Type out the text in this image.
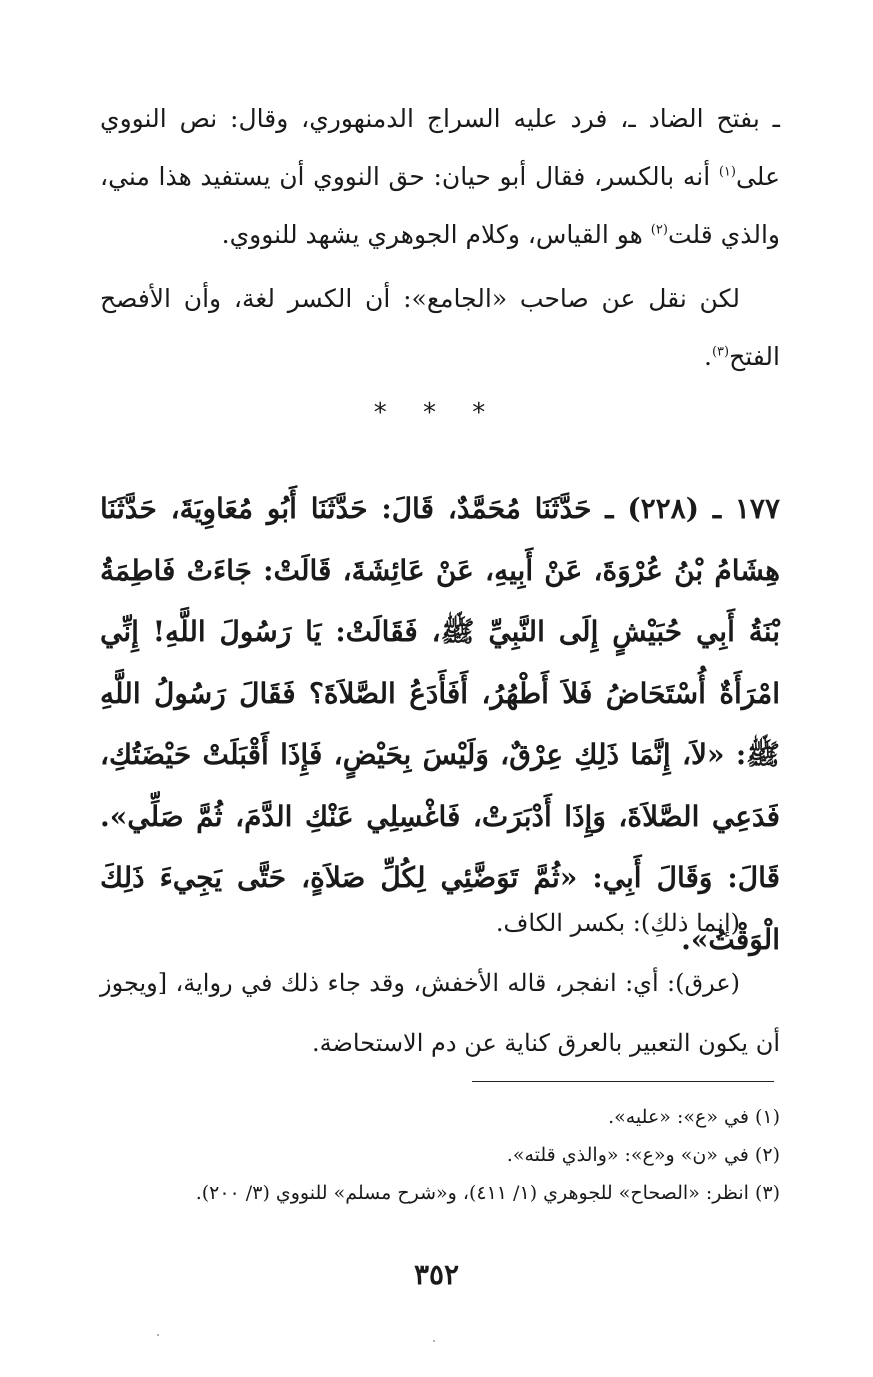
ـ بفتح الضاد ـ، فرد عليه السراج الدمنهوري، وقال: نص النووي على$^{(١)}$ أنه بالكسر، فقال أبو حيان: حق النووي أن يستفيد هذا مني، والذي قلت$^{(٢)}$ هو القياس، وكلام الجوهري يشهد للنووي.

لكن نقل عن صاحب «الجامع»: أن الكسر لغة، وأن الأفصح الفتح$^{(٣)}$.

* * *

١٧٧ ـ (٢٢٨) ـ حَدَّثَنَا مُحَمَّدٌ، قَالَ: حَدَّثَنَا أَبُو مُعَاوِيَةَ، حَدَّثَنَا هِشَامُ بْنُ عُرْوَةَ، عَنْ أَبِيهِ، عَنْ عَائِشَةَ، قَالَتْ: جَاءَتْ فَاطِمَةُ بْنَةُ أَبِي حُبَيْشٍ إِلَى النَّبِيِّ ﷺ، فَقَالَتْ: يَا رَسُولَ اللَّهِ! إِنِّي امْرَأَةٌ أُسْتَحَاضُ فَلاَ أَطْهُرُ، أَفَأَدَعُ الصَّلاَةَ؟ فَقَالَ رَسُولُ اللَّهِ ﷺ: «لاَ، إِنَّمَا ذَلِكِ عِرْقٌ، وَلَيْسَ بِحَيْضٍ، فَإِذَا أَقْبَلَتْ حَيْضَتُكِ، فَدَعِي الصَّلاَةَ، وَإِذَا أَدْبَرَتْ، فَاغْسِلِي عَنْكِ الدَّمَ، ثُمَّ صَلِّي». قَالَ: وَقَالَ أَبِي: «ثُمَّ تَوَضَّئِي لِكُلِّ صَلاَةٍ، حَتَّى يَجِيءَ ذَلِكَ الْوَقْتُ».

(إنما ذلكِ): بكسر الكاف.

(عرق): أي: انفجر، قاله الأخفش، وقد جاء ذلك في رواية، [ويجوز أن يكون التعبير بالعرق كناية عن دم الاستحاضة.

(١) في «ع»: «عليه».
(٢) في «ن» و«ع»: «والذي قلته».
(٣) انظر: «الصحاح» للجوهري (١/ ٤١١)، و«شرح مسلم» للنووي (٣/ ٢٠٠).
٣٥٢
